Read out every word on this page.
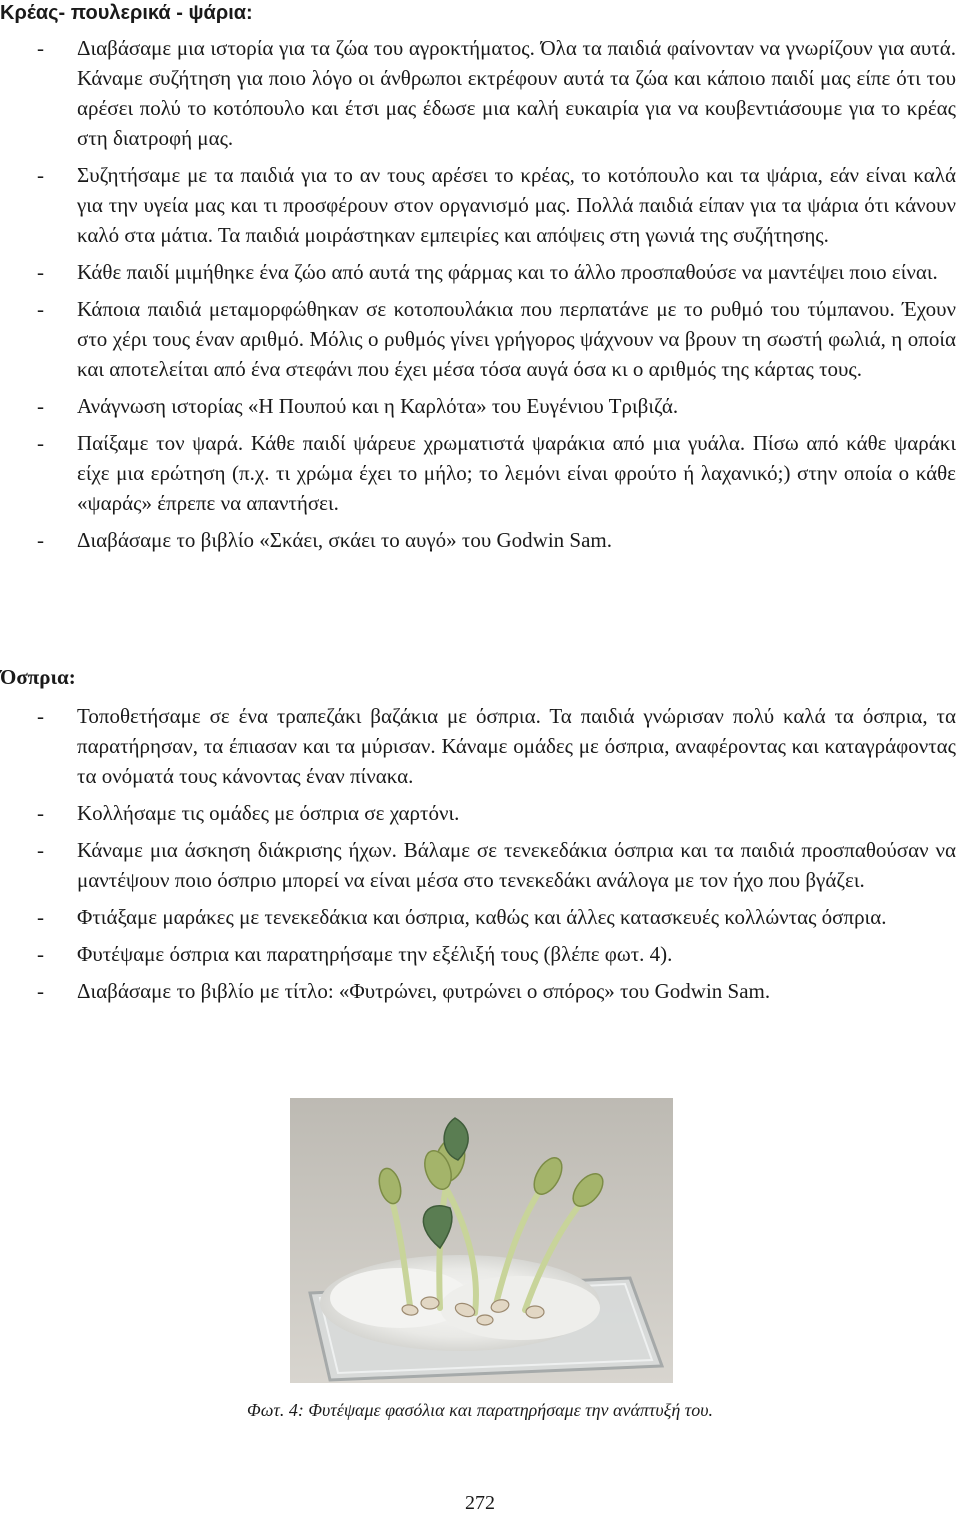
Κρέας- πουλερικά - ψάρια:
- Διαβάσαμε μια ιστορία για τα ζώα του αγροκτήματος. Όλα τα παιδιά φαίνονταν να γνωρίζουν για αυτά. Κάναμε συζήτηση για ποιο λόγο οι άνθρωποι εκτρέφουν αυτά τα ζώα και κάποιο παιδί μας είπε ότι του αρέσει πολύ το κοτόπουλο και έτσι μας έδωσε μια καλή ευκαιρία για να κουβεντιάσουμε για το κρέας στη διατροφή μας.
- Συζητήσαμε με τα παιδιά για το αν τους αρέσει το κρέας, το κοτόπουλο και τα ψάρια, εάν είναι καλά για την υγεία μας και τι προσφέρουν στον οργανισμό μας. Πολλά παιδιά είπαν για τα ψάρια ότι κάνουν καλό στα μάτια. Τα παιδιά μοιράστηκαν εμπειρίες και απόψεις στη γωνιά της συζήτησης.
- Κάθε παιδί μιμήθηκε ένα ζώο από αυτά της φάρμας και το άλλο προσπαθούσε να μαντέψει ποιο είναι.
- Κάποια παιδιά μεταμορφώθηκαν σε κοτοπουλάκια που περπατάνε με το ρυθμό του τύμπανου. Έχουν στο χέρι τους έναν αριθμό. Μόλις ο ρυθμός γίνει γρήγορος ψάχνουν να βρουν τη σωστή φωλιά, η οποία και αποτελείται από ένα στεφάνι που έχει μέσα τόσα αυγά όσα κι ο αριθμός της κάρτας τους.
- Ανάγνωση ιστορίας «Η Πουπού και η Καρλότα» του Ευγένιου Τριβιζά.
- Παίξαμε τον ψαρά. Κάθε παιδί ψάρευε χρωματιστά ψαράκια από μια γυάλα. Πίσω από κάθε ψαράκι είχε μια ερώτηση (π.χ. τι χρώμα έχει το μήλο; το λεμόνι είναι φρούτο ή λαχανικό;) στην οποία ο κάθε «ψαράς» έπρεπε να απαντήσει.
- Διαβάσαμε το βιβλίο «Σκάει, σκάει το αυγό» του Godwin Sam.
Όσπρια:
- Τοποθετήσαμε σε ένα τραπεζάκι βαζάκια με όσπρια. Τα παιδιά γνώρισαν πολύ καλά τα όσπρια, τα παρατήρησαν, τα έπιασαν και τα μύρισαν. Κάναμε ομάδες με όσπρια, αναφέροντας και καταγράφοντας τα ονόματά τους κάνοντας έναν πίνακα.
- Κολλήσαμε τις ομάδες με όσπρια σε χαρτόνι.
- Κάναμε μια άσκηση διάκρισης ήχων. Βάλαμε σε τενεκεδάκια όσπρια και τα παιδιά προσπαθούσαν να μαντέψουν ποιο όσπριο μπορεί να είναι μέσα στο τενεκεδάκι ανάλογα με τον ήχο που βγάζει.
- Φτιάξαμε μαράκες με τενεκεδάκια και όσπρια, καθώς και άλλες κατασκευές κολλώντας όσπρια.
- Φυτέψαμε όσπρια και παρατηρήσαμε την εξέλιξή τους (βλέπε φωτ. 4).
- Διαβάσαμε το βιβλίο με τίτλο: «Φυτρώνει, φυτρώνει ο σπόρος» του Godwin Sam.
Φωτ. 4: Φυτέψαμε φασόλια και παρατηρήσαμε την ανάπτυξή του.
272
